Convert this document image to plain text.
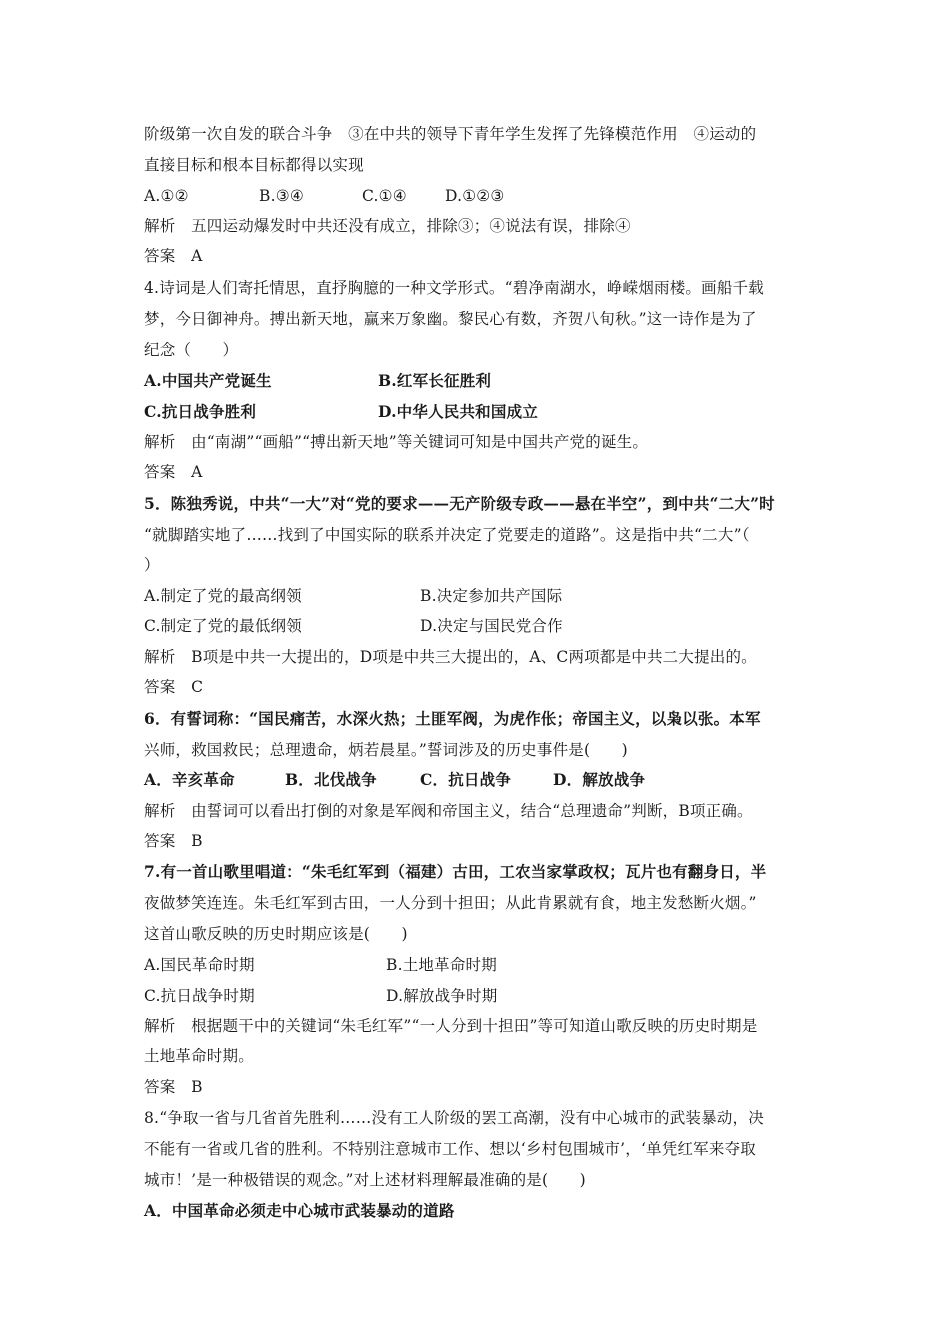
阶级第一次自发的联合斗争　③在中共的领导下青年学生发挥了先锋模范作用　④运动的
直接目标和根本目标都得以实现
A.①②	B.③④	C.①④ D.①②③
解析　五四运动爆发时中共还没有成立，排除③；④说法有误，排除④
答案　A
4.诗词是人们寄托情思，直抒胸臆的一种文学形式。“碧净南湖水，峥嵘烟雨楼。画船千载
梦，今日御神舟。搏出新天地，赢来万象幽。黎民心有数，齐贺八旬秋。”这一诗作是为了
纪念（　　）
A.中国共产党诞生	B.红军长征胜利
C.抗日战争胜利	D.中华人民共和国成立
解析　由“南湖”“画船”“搏出新天地”等关键词可知是中国共产党的诞生。
答案　A
5．陈独秀说，中共“一大”对“党的要求——无产阶级专政——悬在半空”，到中共“二大”时
“就脚踏实地了……找到了中国实际的联系并决定了党要走的道路”。这是指中共“二大”（
）
A.制定了党的最高纲领	B.决定参加共产国际
C.制定了党的最低纲领	D.决定与国民党合作
解析　B项是中共一大提出的，D项是中共三大提出的，A、C两项都是中共二大提出的。
答案　C
6．有誓词称：“国民痛苦，水深火热；土匪军阀，为虎作伥；帝国主义，以枭以张。本军
兴师，救国救民；总理遗命，炳若晨星。”誓词涉及的历史事件是(　　)
A．辛亥革命	B．北伐战争	C．抗日战争	D．解放战争
解析　由誓词可以看出打倒的对象是军阀和帝国主义，结合“总理遗命”判断，B项正确。
答案　B
7.有一首山歌里唱道：“朱毛红军到（福建）古田，工农当家掌政权；瓦片也有翻身日，半
夜做梦笑连连。朱毛红军到古田，一人分到十担田；从此肯累就有食，地主发愁断火烟。”
这首山歌反映的历史时期应该是(　　)
A.国民革命时期	B.土地革命时期
C.抗日战争时期	D.解放战争时期
解析　根据题干中的关键词“朱毛红军”“一人分到十担田”等可知道山歌反映的历史时期是
土地革命时期。
答案　B
8.“争取一省与几省首先胜利……没有工人阶级的罢工高潮，没有中心城市的武装暴动，决
不能有一省或几省的胜利。不特别注意城市工作、想以‘乡村包围城市’，‘单凭红军来夺取
城市！’是一种极错误的观念。”对上述材料理解最准确的是(　　)
A．中国革命必须走中心城市武装暴动的道路
